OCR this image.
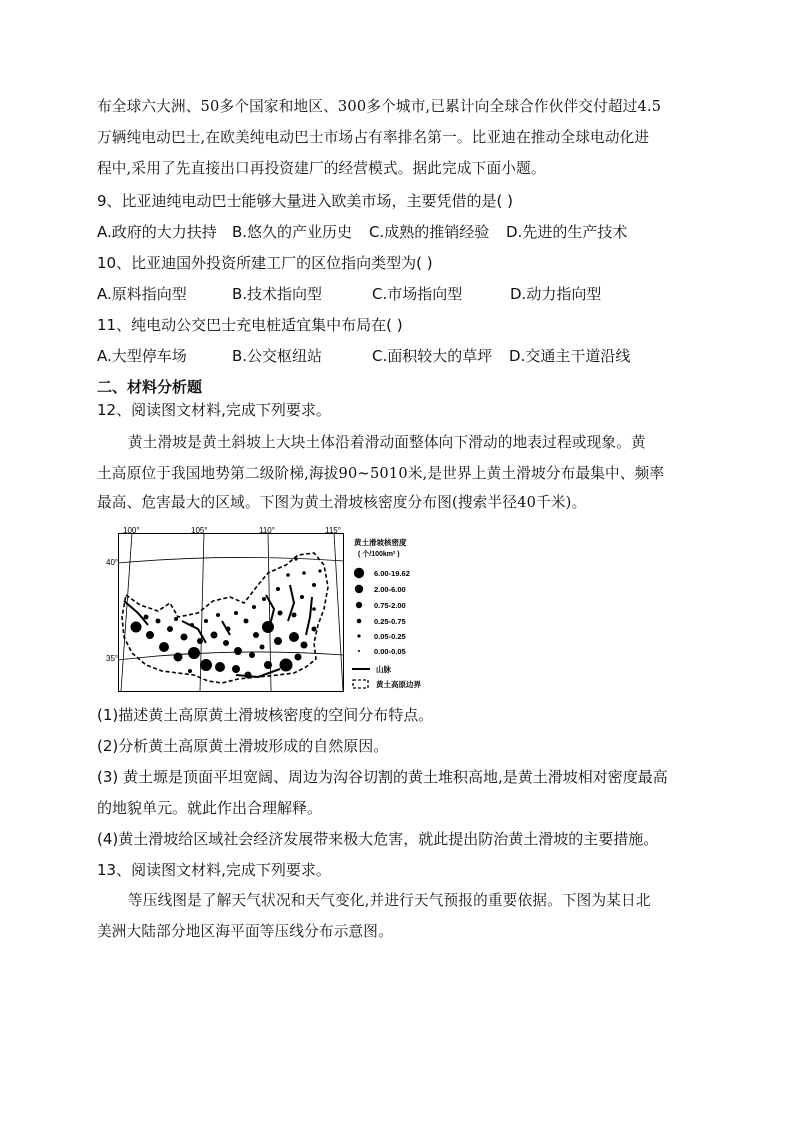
布全球六大洲、50多个国家和地区、300多个城市,已累计向全球合作伙伴交付超过4.5
万辆纯电动巴士,在欧美纯电动巴士市场占有率排名第一。比亚迪在推动全球电动化进
程中,采用了先直接出口再投资建厂的经营模式。据此完成下面小题。
9、比亚迪纯电动巴士能够大量进入欧美市场，主要凭借的是( )
A.政府的大力扶持 B.悠久的产业历史 C.成熟的推销经验 D.先进的生产技术
10、比亚迪国外投资所建工厂的区位指向类型为( )
A.原料指向型	B.技术指向型	C.市场指向型	D.动力指向型
11、纯电动公交巴士充电桩适宜集中布局在( )
A.大型停车场	B.公交枢纽站	C.面积较大的草坪 D.交通主干道沿线
二、材料分析题
12、阅读图文材料,完成下列要求。
黄土滑坡是黄土斜坡上大块土体沿着滑动面整体向下滑动的地表过程或现象。黄
土高原位于我国地势第二级阶梯,海拔90~5010米,是世界上黄土滑坡分布最集中、频率
最高、危害最大的区域。下图为黄土滑坡核密度分布图(搜索半径40千米)。
100°	105°	110°	115°
40°
35°
黄土滑坡核密度
( 个/100km² )
6.00-19.62
2.00-6.00
0.75-2.00
0.25-0.75
0.05-0.25
0.00-0.05
山脉
黄土高原边界
(1)描述黄土高原黄土滑坡核密度的空间分布特点。
(2)分析黄土高原黄土滑坡形成的自然原因。
(3) 黄土塬是顶面平坦宽阔、周边为沟谷切割的黄土堆积高地,是黄土滑坡相对密度最高
的地貌单元。就此作出合理解释。
(4)黄土滑坡给区域社会经济发展带来极大危害，就此提出防治黄土滑坡的主要措施。
13、阅读图文材料,完成下列要求。
等压线图是了解天气状况和天气变化,并进行天气预报的重要依据。下图为某日北
美洲大陆部分地区海平面等压线分布示意图。
